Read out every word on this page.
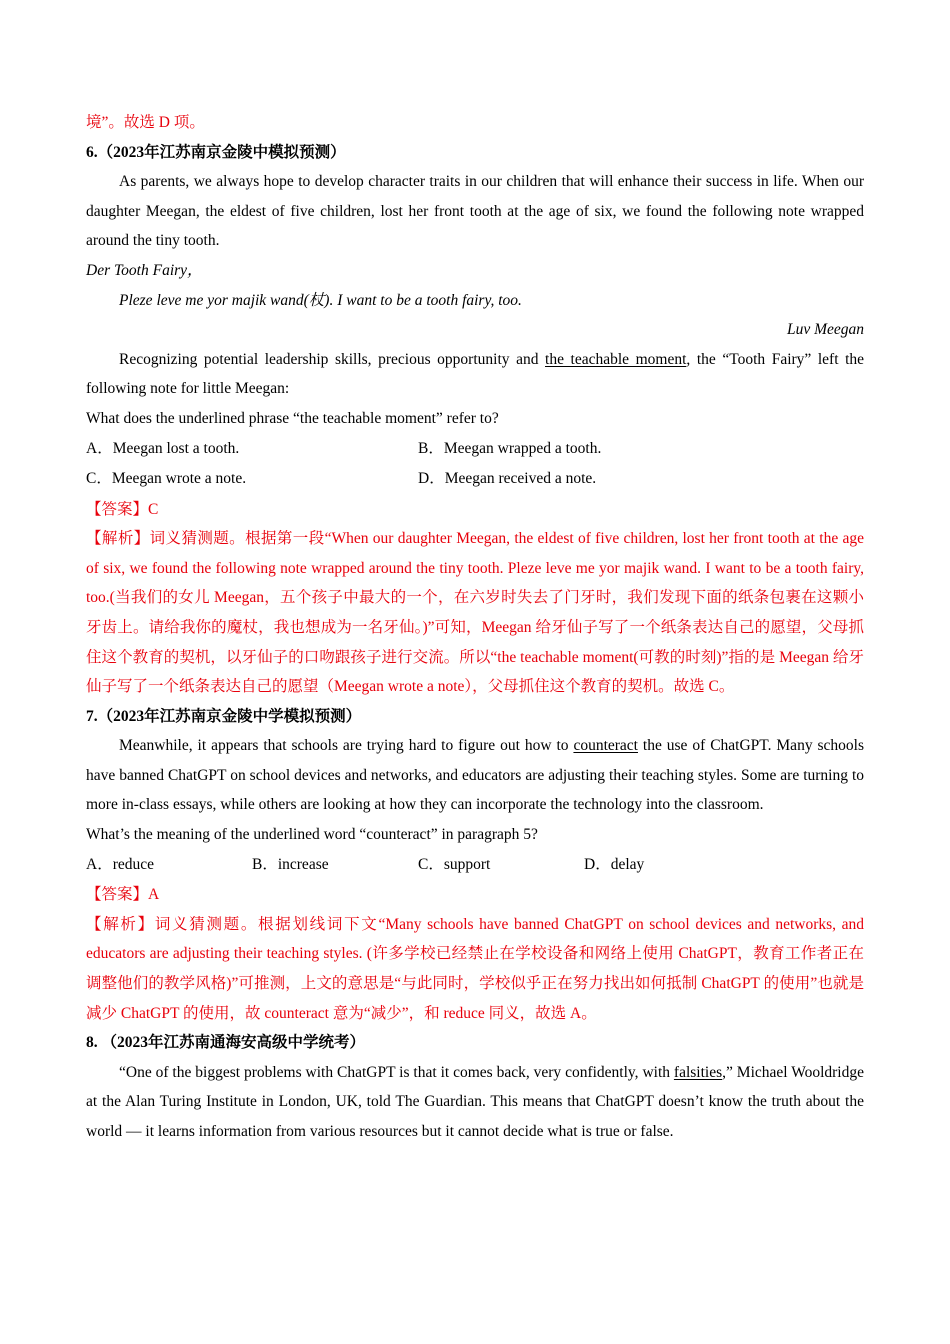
境”。故选 D 项。
6.（2023年江苏南京金陵中模拟预测）

As parents, we always hope to develop character traits in our children that will enhance their success in life. When our daughter Meegan, the eldest of five children, lost her front tooth at the age of six, we found the following note wrapped around the tiny tooth.

Der Tooth Fairy，
Pleze leve me yor majik wand(杖). I want to be a tooth fairy, too.
Luv Meegan

Recognizing potential leadership skills, precious opportunity and the teachable moment, the “Tooth Fairy” left the following note for little Meegan:

What does the underlined phrase “the teachable moment” refer to?
A．Meegan lost a tooth.	B．Meegan wrapped a tooth.
C．Meegan wrote a note.	D．Meegan received a note.
【答案】C

【解析】词义猜测题。根据第一段“When our daughter Meegan, the eldest of five children, lost her front tooth at the age of six, we found the following note wrapped around the tiny tooth. Pleze leve me yor majik wand. I want to be a tooth fairy, too.(当我们的女儿 Meegan，五个孩子中最大的一个，在六岁时失去了门牙时，我们发现下面的纸条包裹在这颗小牙齿上。请给我你的魔杖，我也想成为一名牙仙。)”可知，Meegan 给牙仙子写了一个纸条表达自己的愿望，父母抓住这个教育的契机，以牙仙子的口吻跟孩子进行交流。所以“the teachable moment(可教的时刻)”指的是 Meegan 给牙仙子写了一个纸条表达自己的愿望（Meegan wrote a note），父母抓住这个教育的契机。故选 C。

7.（2023年江苏南京金陵中学模拟预测）

Meanwhile, it appears that schools are trying hard to figure out how to counteract the use of ChatGPT. Many schools have banned ChatGPT on school devices and networks, and educators are adjusting their teaching styles. Some are turning to more in-class essays, while others are looking at how they can incorporate the technology into the classroom.

What’s the meaning of the underlined word “counteract” in paragraph 5?
A．reduce	B．increase	C．support	D．delay
【答案】A

【解析】词义猜测题。根据划线词下文“Many schools have banned ChatGPT on school devices and networks, and educators are adjusting their teaching styles. (许多学校已经禁止在学校设备和网络上使用 ChatGPT，教育工作者正在调整他们的教学风格)”可推测，上文的意思是“与此同时，学校似乎正在努力找出如何抵制 ChatGPT 的使用”也就是减少 ChatGPT 的使用，故 counteract 意为“减少”，和 reduce 同义，故选 A。

8. （2023年江苏南通海安高级中学统考）

“One of the biggest problems with ChatGPT is that it comes back, very confidently, with falsities,” Michael Wooldridge at the Alan Turing Institute in London, UK, told The Guardian. This means that ChatGPT doesn’t know the truth about the world — it learns information from various resources but it cannot decide what is true or false.
